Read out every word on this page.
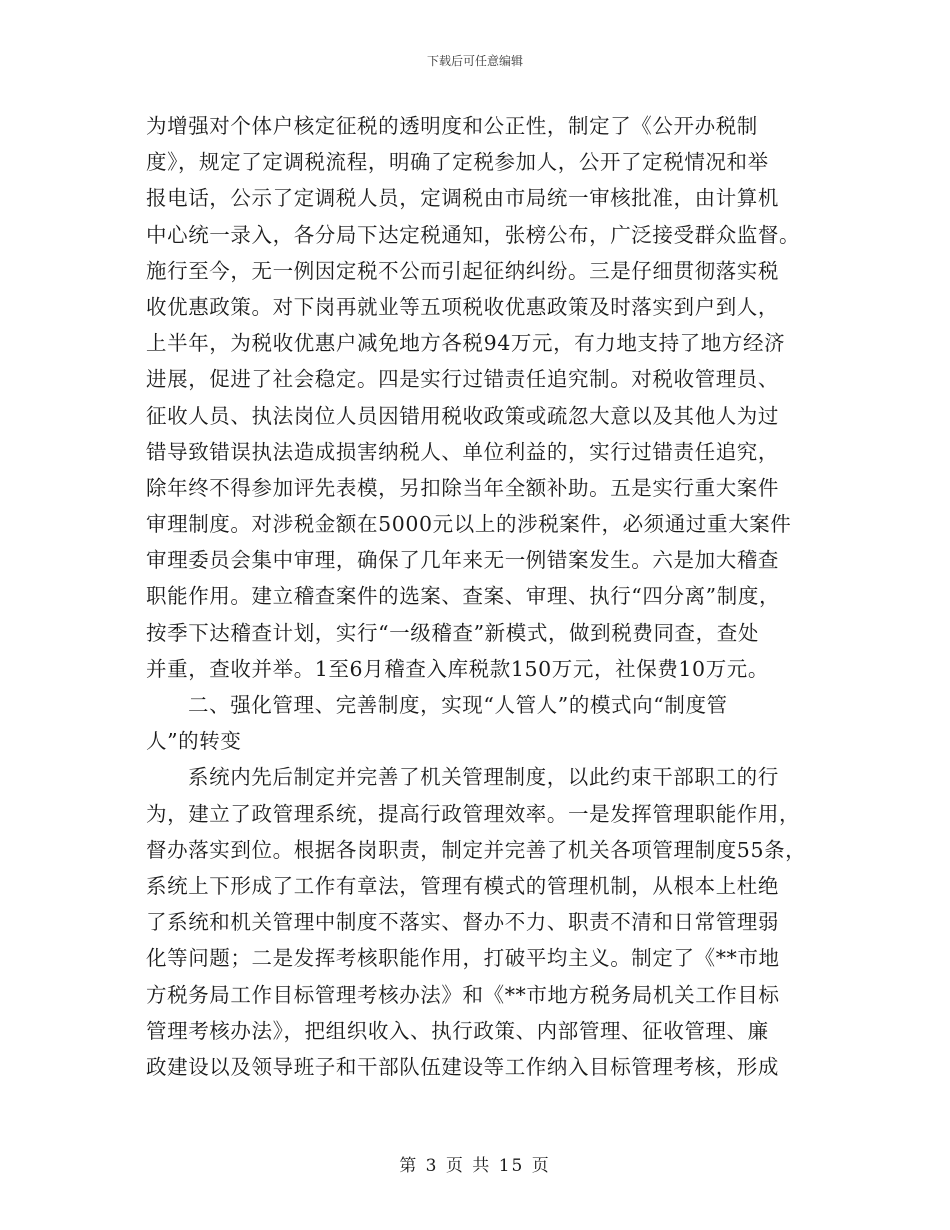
下载后可任意编辑
为增强对个体户核定征税的透明度和公正性，制定了《公开办税制
度》，规定了定调税流程，明确了定税参加人，公开了定税情况和举
报电话，公示了定调税人员，定调税由市局统一审核批准，由计算机
中心统一录入，各分局下达定税通知，张榜公布，广泛接受群众监督。
施行至今，无一例因定税不公而引起征纳纠纷。三是仔细贯彻落实税
收优惠政策。对下岗再就业等五项税收优惠政策及时落实到户到人，
上半年，为税收优惠户减免地方各税94万元，有力地支持了地方经济
进展，促进了社会稳定。四是实行过错责任追究制。对税收管理员、
征收人员、执法岗位人员因错用税收政策或疏忽大意以及其他人为过
错导致错误执法造成损害纳税人、单位利益的，实行过错责任追究，
除年终不得参加评先表模，另扣除当年全额补助。五是实行重大案件
审理制度。对涉税金额在5000元以上的涉税案件，必须通过重大案件
审理委员会集中审理，确保了几年来无一例错案发生。六是加大稽查
职能作用。建立稽查案件的选案、查案、审理、执行“四分离”制度，
按季下达稽查计划，实行“一级稽查”新模式，做到税费同查，查处
并重，查收并举。1至6月稽查入库税款150万元，社保费10万元。
二、强化管理、完善制度，实现“人管人”的模式向“制度管
人”的转变
系统内先后制定并完善了机关管理制度，以此约束干部职工的行
为，建立了政管理系统，提高行政管理效率。一是发挥管理职能作用，
督办落实到位。根据各岗职责，制定并完善了机关各项管理制度55条，
系统上下形成了工作有章法，管理有模式的管理机制，从根本上杜绝
了系统和机关管理中制度不落实、督办不力、职责不清和日常管理弱
化等问题；二是发挥考核职能作用，打破平均主义。制定了《**市地
方税务局工作目标管理考核办法》和《**市地方税务局机关工作目标
管理考核办法》，把组织收入、执行政策、内部管理、征收管理、廉
政建设以及领导班子和干部队伍建设等工作纳入目标管理考核，形成
第 3 页 共 15 页
